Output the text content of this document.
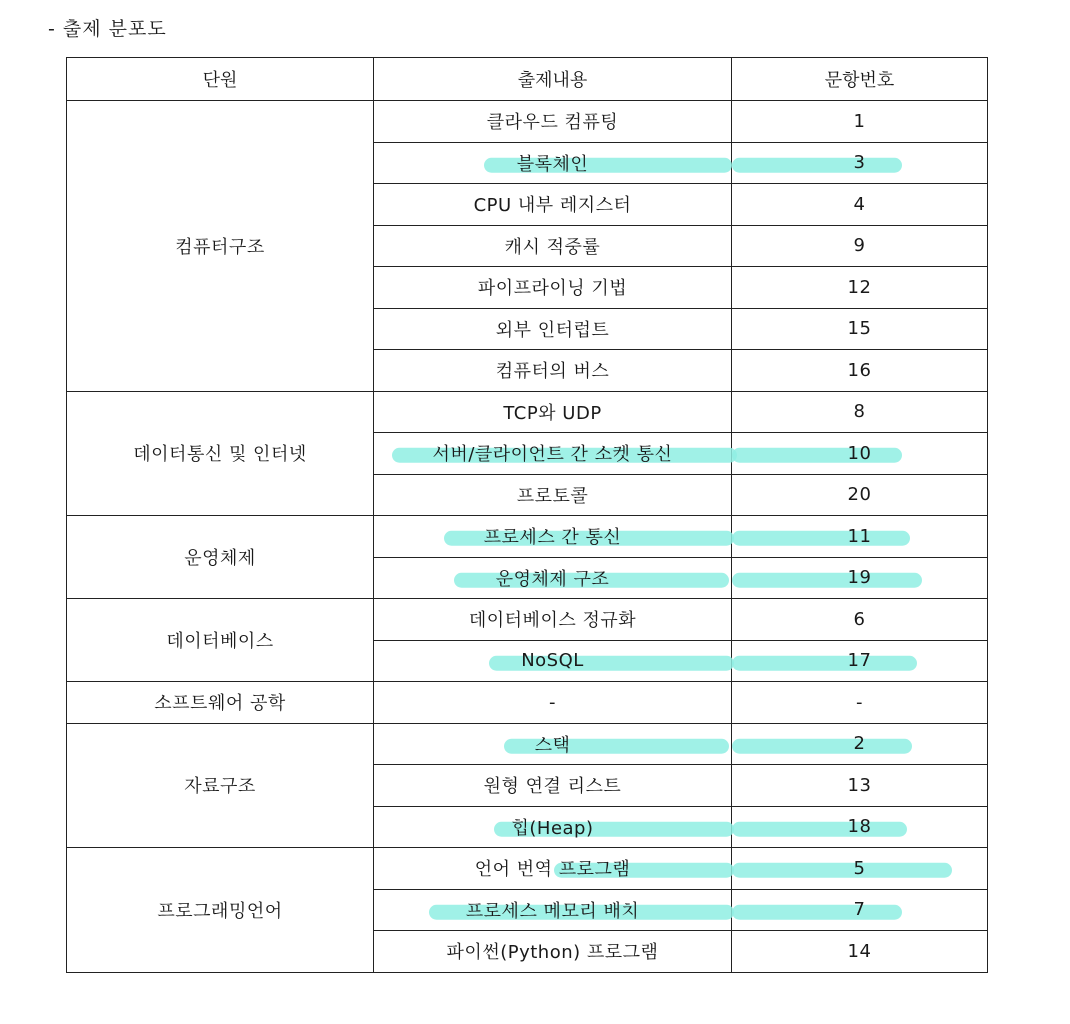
- 출제 분포도
단원	출제내용	문항번호
컴퓨터구조	클라우드 컴퓨팅	1
	블록체인	3

	CPU 내부 레지스터	4
	캐시 적중률	9
	파이프라이닝 기법	12
	외부 인터럽트	15
	컴퓨터의 버스	16
데이터통신 및 인터넷	TCP와 UDP	8
	서버/클라이언트 간 소켓 통신	10

	프로토콜	20
운영체제	프로세스 간 통신	11

	운영체제 구조	19

데이터베이스	데이터베이스 정규화	6
	NoSQL	17

소프트웨어 공학	-	-
자료구조	스택	2

	원형 연결 리스트	13
	힙(Heap)	18

프로그래밍언어	언어 번역 프로그램	5

	프로세스 메모리 배치	7

	파이썬(Python) 프로그램	14
